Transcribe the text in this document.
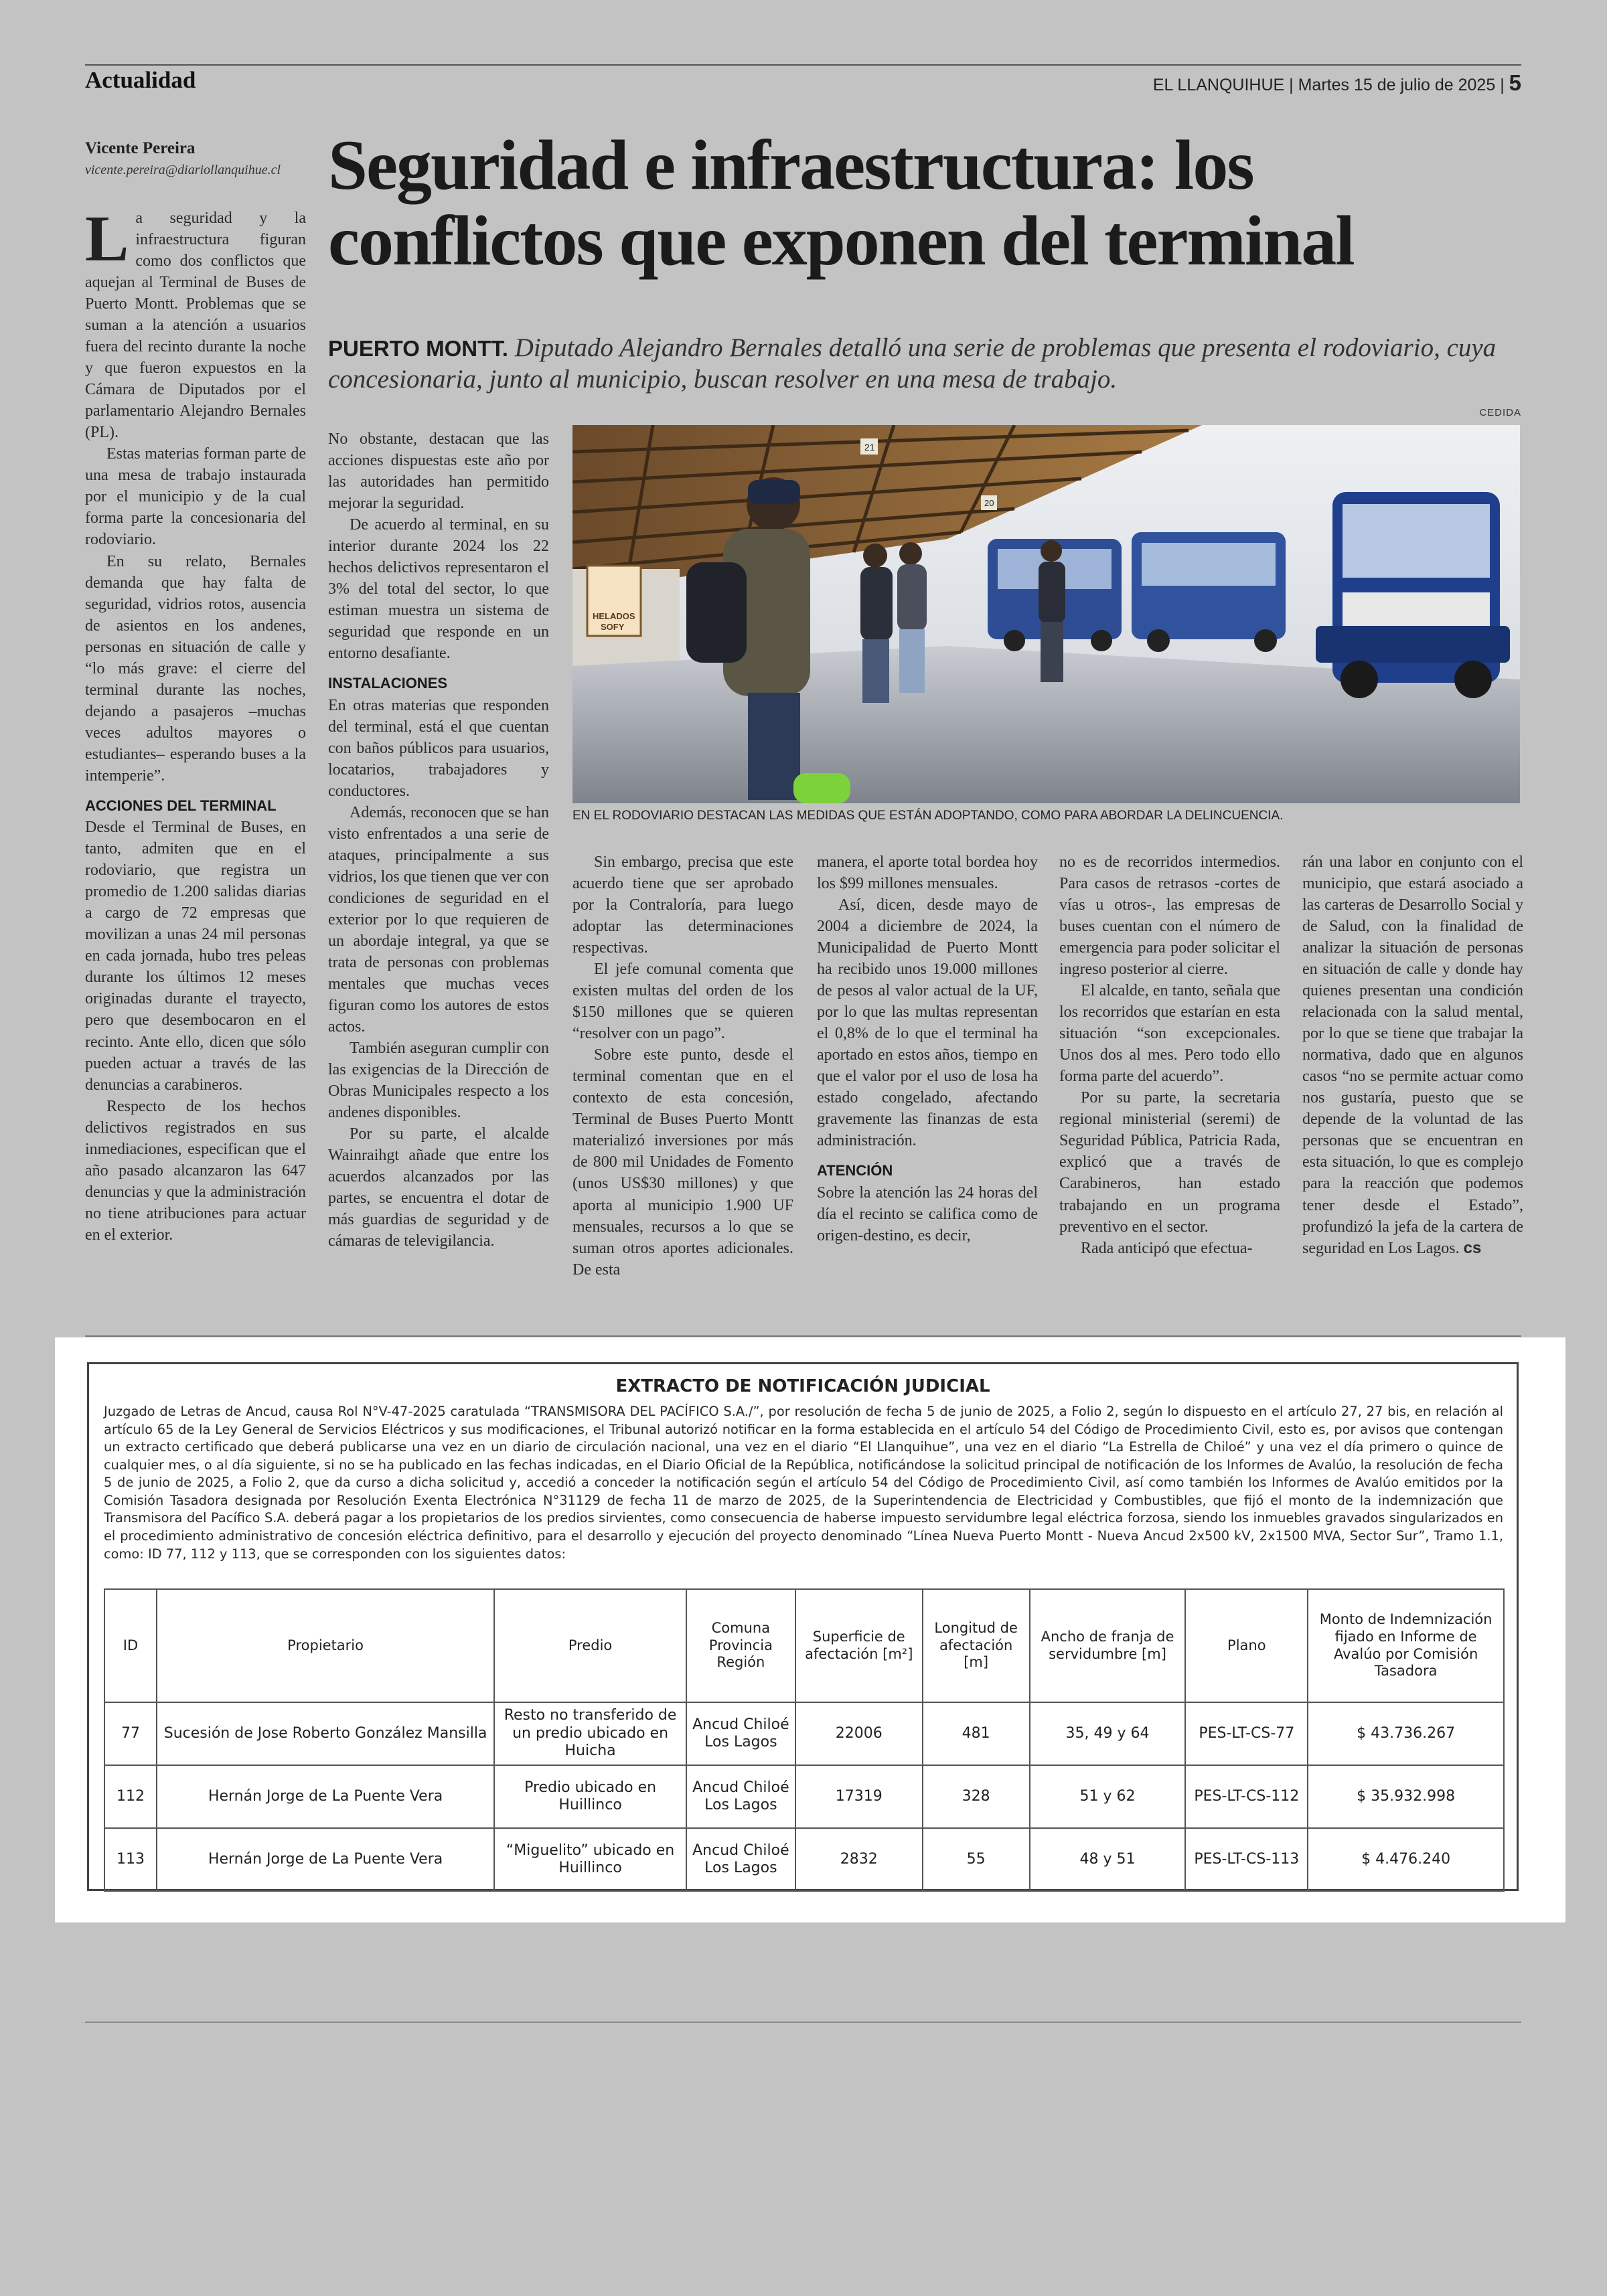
Actualidad	EL LLANQUIHUE | Martes 15 de julio de 2025 | 5
Vicente Pereira
vicente.pereira@diariollanquihue.cl Seguridad e infraestructura: los conflictos que exponen del terminal
PUERTO MONTT. Diputado Alejandro Bernales detalló una serie de problemas que presenta el rodoviario, cuya concesionaria, junto al municipio, buscan resolver en una mesa de trabajo.
CEDIDA
21
20
HELADOS
SOFY
EN EL RODOVIARIO DESTACAN LAS MEDIDAS QUE ESTÁN ADOPTANDO, COMO PARA ABORDAR LA DELINCUENCIA.

La seguridad y la infraestructura figuran como dos conflictos que aquejan al Terminal de Buses de Puerto Montt. Problemas que se suman a la atención a usuarios fuera del recinto durante la noche y que fueron expuestos en la Cámara de Diputados por el parlamentario Alejandro Bernales (PL).

Estas materias forman parte de una mesa de trabajo instaurada por el municipio y de la cual forma parte la concesionaria del rodoviario.

En su relato, Bernales demanda que hay falta de seguridad, vidrios rotos, ausencia de asientos en los andenes, personas en situación de calle y “lo más grave: el cierre del terminal durante las noches, dejando a pasajeros –muchas veces adultos mayores o estudiantes– esperando buses a la intemperie”.

ACCIONES DEL TERMINAL

Desde el Terminal de Buses, en tanto, admiten que en el rodoviario, que registra un promedio de 1.200 salidas diarias a cargo de 72 empresas que movilizan a unas 24 mil personas en cada jornada, hubo tres peleas durante los últimos 12 meses originadas durante el trayecto, pero que desembocaron en el recinto. Ante ello, dicen que sólo pueden actuar a través de las denuncias a carabineros.

Respecto de los hechos delictivos registrados en sus inmediaciones, especifican que el año pasado alcanzaron las 647 denuncias y que la administración no tiene atribuciones para actuar en el exterior.

No obstante, destacan que las acciones dispuestas este año por las autoridades han permitido mejorar la seguridad.

De acuerdo al terminal, en su interior durante 2024 los 22 hechos delictivos representaron el 3% del total del sector, lo que estiman muestra un sistema de seguridad que responde en un entorno desafiante.

INSTALACIONES

En otras materias que responden del terminal, está el que cuentan con baños públicos para usuarios, locatarios, trabajadores y conductores.

Además, reconocen que se han visto enfrentados a una serie de ataques, principalmente a sus vidrios, los que tienen que ver con condiciones de seguridad en el exterior por lo que requieren de un abordaje integral, ya que se trata de personas con problemas mentales que muchas veces figuran como los autores de estos actos.

También aseguran cumplir con las exigencias de la Dirección de Obras Municipales respecto a los andenes disponibles.

Por su parte, el alcalde Wainraihgt añade que entre los acuerdos alcanzados por las partes, se encuentra el dotar de más guardias de seguridad y de cámaras de televigilancia.

Sin embargo, precisa que este acuerdo tiene que ser aprobado por la Contraloría, para luego adoptar las determinaciones respectivas.

El jefe comunal comenta que existen multas del orden de los $150 millones que se quieren “resolver con un pago”.

Sobre este punto, desde el terminal comentan que en el contexto de esta concesión, Terminal de Buses Puerto Montt materializó inversiones por más de 800 mil Unidades de Fomento (unos US$30 millones) y que aporta al municipio 1.900 UF mensuales, recursos a lo que se suman otros aportes adicionales. De esta

manera, el aporte total bordea hoy los $99 millones mensuales.

Así, dicen, desde mayo de 2004 a diciembre de 2024, la Municipalidad de Puerto Montt ha recibido unos 19.000 millones de pesos al valor actual de la UF, por lo que las multas representan el 0,8% de lo que el terminal ha aportado en estos años, tiempo en que el valor por el uso de losa ha estado congelado, afectando gravemente las finanzas de esta administración.

ATENCIÓN

Sobre la atención las 24 horas del día el recinto se califica como de origen-destino, es decir,

no es de recorridos intermedios. Para casos de retrasos -cortes de vías u otros-, las empresas de buses cuentan con el número de emergencia para poder solicitar el ingreso posterior al cierre.

El alcalde, en tanto, señala que los recorridos que estarían en esta situación “son excepcionales. Unos dos al mes. Pero todo ello forma parte del acuerdo”.

Por su parte, la secretaria regional ministerial (seremi) de Seguridad Pública, Patricia Rada, explicó que a través de Carabineros, han estado trabajando en un programa preventivo en el sector.

Rada anticipó que efectua-

rán una labor en conjunto con el municipio, que estará asociado a las carteras de Desarrollo Social y de Salud, con la finalidad de analizar la situación de personas en situación de calle y donde hay quienes presentan una condición relacionada con la salud mental, por lo que se tiene que trabajar la normativa, dado que en algunos casos “no se permite actuar como nos gustaría, puesto que se depende de la voluntad de las personas que se encuentran en esta situación, lo que es complejo para la reacción que podemos tener desde el Estado”, profundizó la jefa de la cartera de seguridad en Los Lagos. cs

EXTRACTO DE NOTIFICACIÓN JUDICIAL
Juzgado de Letras de Ancud, causa Rol N°V-47-2025 caratulada “TRANSMISORA DEL PACÍFICO S.A./”, por resolución de fecha 5 de junio de 2025, a Folio 2, según lo dispuesto en el artículo 27, 27 bis, en relación al artículo 65 de la Ley General de Servicios Eléctricos y sus modificaciones, el Tribunal autorizó notificar en la forma establecida en el artículo 54 del Código de Procedimiento Civil, esto es, por avisos que contengan un extracto certificado que deberá publicarse una vez en un diario de circulación nacional, una vez en el diario “El Llanquihue”, una vez en el diario “La Estrella de Chiloé” y una vez el día primero o quince de cualquier mes, o al día siguiente, si no se ha publicado en las fechas indicadas, en el Diario Oficial de la República, notificándose la solicitud principal de notificación de los Informes de Avalúo, la resolución de fecha 5 de junio de 2025, a Folio 2, que da curso a dicha solicitud y, accedió a conceder la notificación según el artículo 54 del Código de Procedimiento Civil, así como también los Informes de Avalúo emitidos por la Comisión Tasadora designada por Resolución Exenta Electrónica N°31129 de fecha 11 de marzo de 2025, de la Superintendencia de Electricidad y Combustibles, que fijó el monto de la indemnización que Transmisora del Pacífico S.A. deberá pagar a los propietarios de los predios sirvientes, como consecuencia de haberse impuesto servidumbre legal eléctrica forzosa, siendo los inmuebles gravados singularizados en el procedimiento administrativo de concesión eléctrica definitivo, para el desarrollo y ejecución del proyecto denominado “Línea Nueva Puerto Montt - Nueva Ancud 2x500 kV, 2x1500 MVA, Sector Sur”, Tramo 1.1, como: ID 77, 112 y 113, que se corresponden con los siguientes datos:
ID	Propietario	Predio	Comuna Provincia Región	Superficie de afectación [m²]	Longitud de afectación [m]	Ancho de franja de servidumbre [m]	Plano	Monto de Indemnización fijado en Informe de Avalúo por Comisión Tasadora
77	Sucesión de Jose Roberto González Mansilla	Resto no transferido de un predio ubicado en Huicha	Ancud Chiloé Los Lagos	22006	481	35, 49 y 64	PES-LT-CS-77	$ 43.736.267
112	Hernán Jorge de La Puente Vera	Predio ubicado en Huillinco	Ancud Chiloé Los Lagos	17319	328	51 y 62	PES-LT-CS-112	$ 35.932.998
113	Hernán Jorge de La Puente Vera	“Miguelito” ubicado en Huillinco	Ancud Chiloé Los Lagos	2832	55	48 y 51	PES-LT-CS-113	$ 4.476.240
